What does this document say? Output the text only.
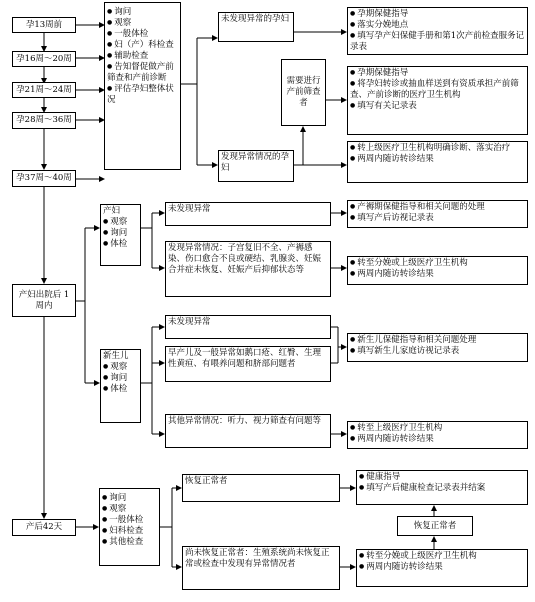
孕13周前
孕16周～20周
孕21周～24周
孕28周～36周
孕37周～40周
● 询问
● 观察
● 一般体检
● 妇（产）科检查
● 辅助检查
● 告知督促做产前筛查和产前诊断
● 评估孕妇整体状况
未发现异常的孕妇
发现异常情况的孕妇
需要进行产前筛查者
● 孕期保健指导
● 落实分娩地点
● 填写孕产妇保健手册和第1次产前检查服务记录表
● 孕期保健指导
● 将孕妇转诊或抽血样送到有资质承担产前筛查、产前诊断的医疗卫生机构
● 填写有关记录表
● 转上级医疗卫生机构明确诊断、落实治疗
● 两周内随访转诊结果
产妇出院后 1周内
产妇
● 观察
● 询问
● 体检
未发现异常
发现异常情况：子宫复旧不全、产褥感染、伤口愈合不良或硬结、乳腺炎、妊娠合并症未恢复、妊娠产后抑郁状态等
● 产褥期保健指导和相关问题的处理
● 填写产后访视记录表
● 转至分娩或上级医疗卫生机构
● 两周内随访转诊结果
新生儿
● 观察
● 询问
● 体检
未发现异常
早产儿及一般异常如鹅口疮、红臀、生理性黄疸、有喂养问题和脐部问题者
其他异常情况：听力、视力筛查有问题等
● 新生儿保健指导和相关问题处理
● 填写新生儿家庭访视记录表
● 转至上级医疗卫生机构
● 两周内随访转诊结果
产后42天
● 询问
● 观察
● 一般体检
● 妇科检查
● 其他检查
恢复正常者
尚未恢复正常者：生殖系统尚未恢复正常或检查中发现有异常情况者
● 健康指导
● 填写产后健康检查记录表并结案
恢复正常者
● 转至分娩或上级医疗卫生机构
● 两周内随访转诊结果
